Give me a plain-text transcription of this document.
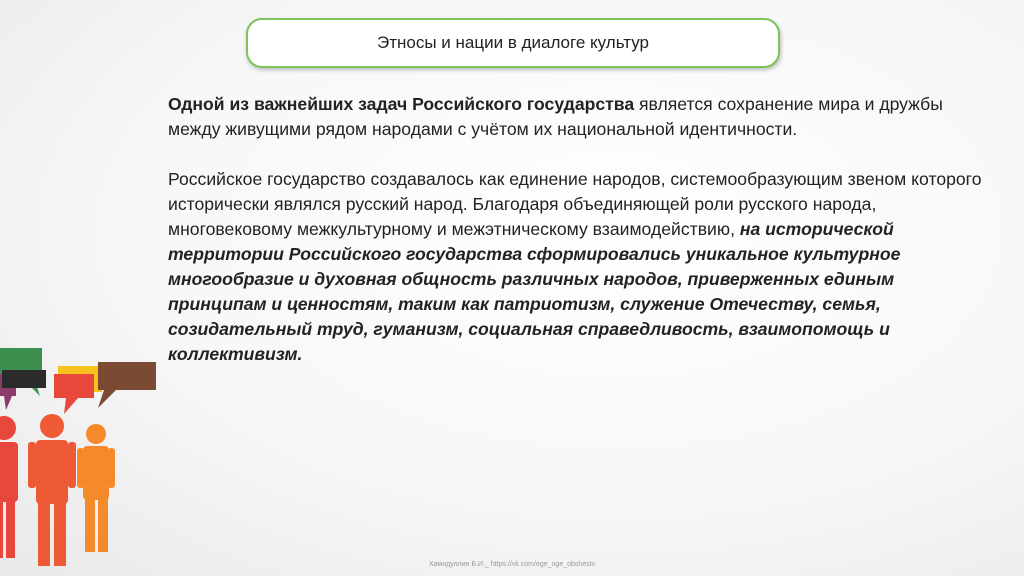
Этносы и нации в диалоге культур

Одной из важнейших задач Российского государства является сохранение мира и дружбы между живущими рядом народами с учётом их национальной идентичности.

Российское государство создавалось как единение народов, системообразующим звеном которого исторически являлся русский народ. Благодаря объединяющей роли русского народа, многовековому межкультурному и межэтническому взаимодействию, на исторической территории Российского государства сформировались уникальное культурное многообразие и духовная общность различных народов, приверженных единым принципам и ценностям, таким как патриотизм, служение Отечеству, семья, созидательный труд, гуманизм, социальная справедливость, взаимопомощь и коллективизм.

Хамидуллин Б.И._ https://vk.com/ege_oge_obshestv
